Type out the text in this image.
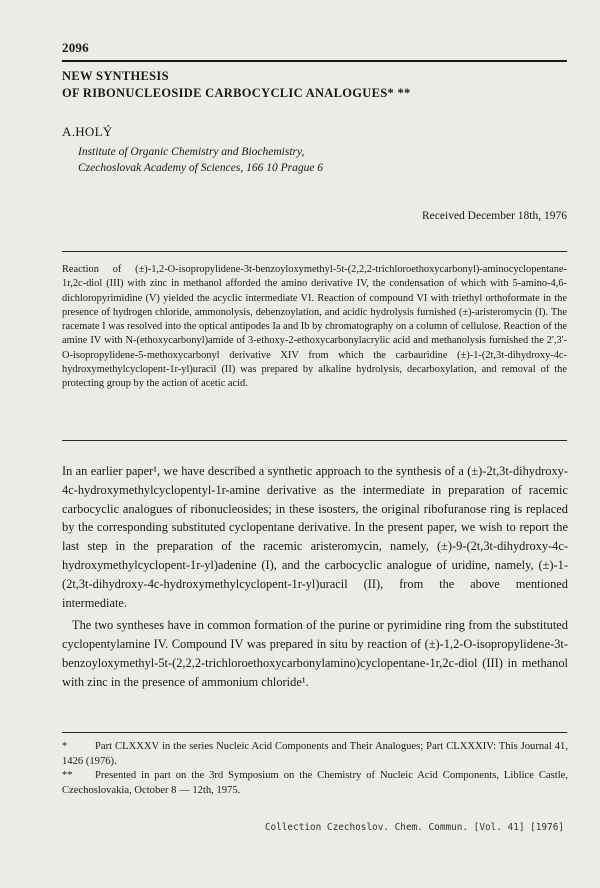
2096
NEW SYNTHESIS
OF RIBONUCLEOSIDE CARBOCYCLIC ANALOGUES* **
A.HOLÝ
Institute of Organic Chemistry and Biochemistry,
Czechoslovak Academy of Sciences, 166 10 Prague 6
Received December 18th, 1976
Reaction of (±)-1,2-O-isopropylidene-3t-benzoyloxymethyl-5t-(2,2,2-trichloroethoxycarbonyl)-aminocyclopentane-1r,2c-diol (III) with zinc in methanol afforded the amino derivative IV, the condensation of which with 5-amino-4,6-dichloropyrimidine (V) yielded the acyclic intermediate VI. Reaction of compound VI with triethyl orthoformate in the presence of hydrogen chloride, ammonolysis, debenzoylation, and acidic hydrolysis furnished (±)-aristeromycin (I). The racemate I was resolved into the optical antipodes Ia and Ib by chromatography on a column of cellulose. Reaction of the amine IV with N-(ethoxycarbonyl)amide of 3-ethoxy-2-ethoxycarbonylacrylic acid and methanolysis furnished the 2',3'-O-isopropylidene-5-methoxycarbonyl derivative XIV from which the carbauridine (±)-1-(2t,3t-dihydroxy-4c-hydroxymethylcyclopent-1r-yl)uracil (II) was prepared by alkaline hydrolysis, decarboxylation, and removal of the protecting group by the action of acetic acid.

In an earlier paper¹, we have described a synthetic approach to the synthesis of a (±)-2t,3t-dihydroxy-4c-hydroxymethylcyclopentyl-1r-amine derivative as the intermediate in preparation of racemic carbocyclic analogues of ribonucleosides; in these isosters, the original ribofuranose ring is replaced by the corresponding substituted cyclopentane derivative. In the present paper, we wish to report the last step in the preparation of the racemic aristeromycin, namely, (±)-9-(2t,3t-dihydroxy-4c-hydroxymethylcyclopent-1r-yl)adenine (I), and the carbocyclic analogue of uridine, namely, (±)-1-(2t,3t-dihydroxy-4c-hydroxymethylcyclopent-1r-yl)uracil (II), from the above mentioned intermediate.

The two syntheses have in common formation of the purine or pyrimidine ring from the substituted cyclopentylamine IV. Compound IV was prepared in situ by reaction of (±)-1,2-O-isopropylidene-3t-benzoyloxymethyl-5t-(2,2,2-trichloroethoxycarbonylamino)cyclopentane-1r,2c-diol (III) in methanol with zinc in the presence of ammonium chloride¹.

*	Part CLXXXV in the series Nucleic Acid Components and Their Analogues; Part CLXXXIV: This Journal 41, 1426 (1976).
** Presented in part on the 3rd Symposium on the Chemistry of Nucleic Acid Components, Liblice Castle, Czechoslovakia, October 8 — 12th, 1975.
Collection Czechoslov. Chem. Commun. [Vol. 41] [1976]
